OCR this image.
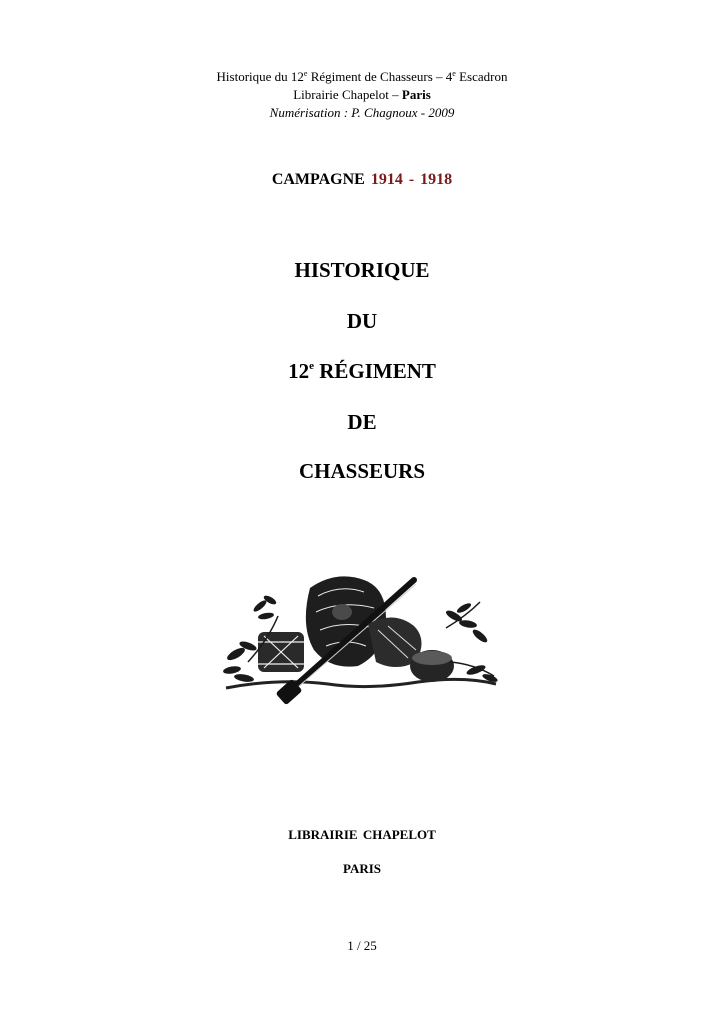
Historique du 12e Régiment de Chasseurs – 4e Escadron
Librairie Chapelot – Paris
Numérisation : P. Chagnoux - 2009
CAMPAGNE 1914 - 1918
HISTORIQUE
DU
12e RÉGIMENT
DE
CHASSEURS
LIBRAIRIE CHAPELOT
PARIS
1 / 25
